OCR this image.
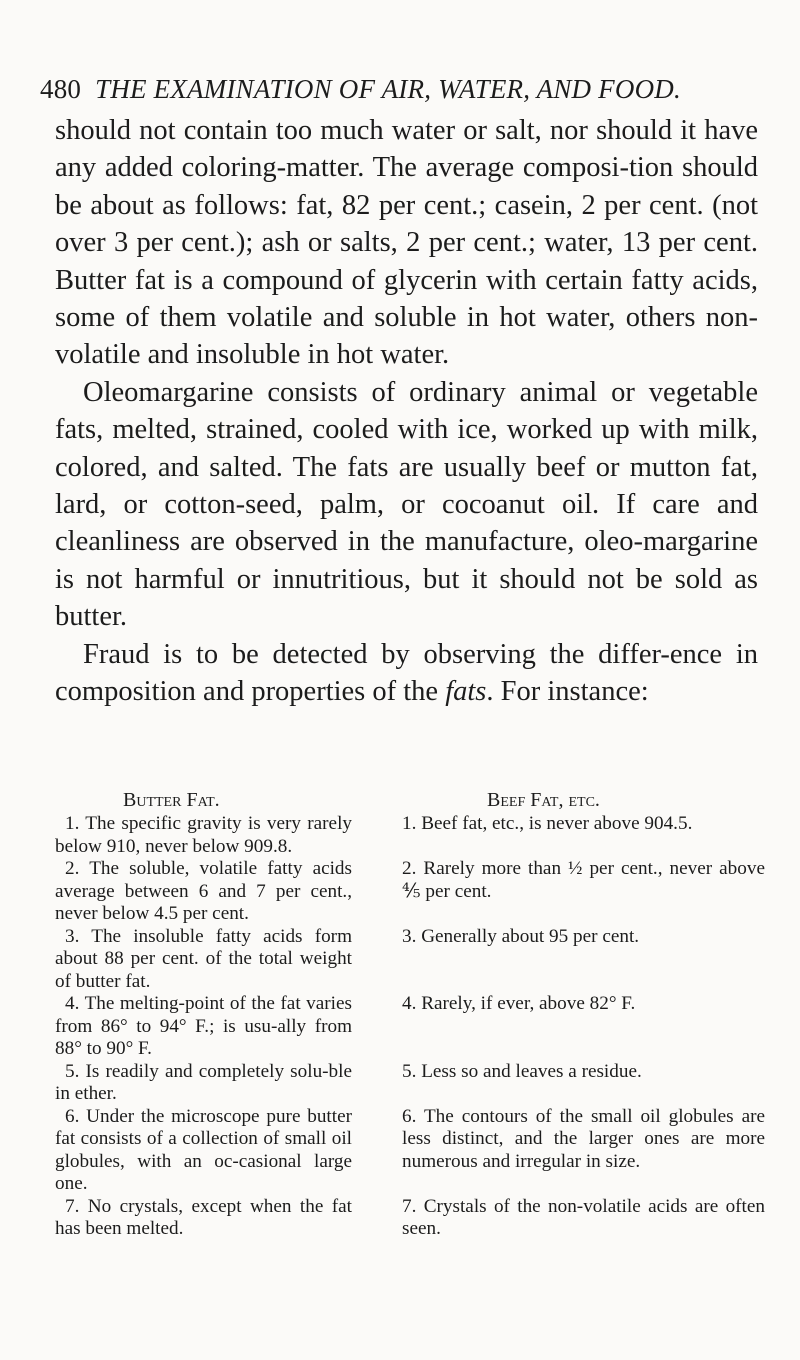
480 THE EXAMINATION OF AIR, WATER, AND FOOD.

should not contain too much water or salt, nor should it have any added coloring-matter. The average composi-tion should be about as follows: fat, 82 per cent.; casein, 2 per cent. (not over 3 per cent.); ash or salts, 2 per cent.; water, 13 per cent. Butter fat is a compound of glycerin with certain fatty acids, some of them volatile and soluble in hot water, others non-volatile and insoluble in hot water.

Oleomargarine consists of ordinary animal or vegetable fats, melted, strained, cooled with ice, worked up with milk, colored, and salted. The fats are usually beef or mutton fat, lard, or cotton-seed, palm, or cocoanut oil. If care and cleanliness are observed in the manufacture, oleo-margarine is not harmful or innutritious, but it should not be sold as butter.

Fraud is to be detected by observing the differ-ence in composition and properties of the fats. For instance:

Butter Fat.	Beef Fat, etc.
1. The specific gravity is very rarely below 910, never below 909.8.
1. Beef fat, etc., is never above 904.5.
2. The soluble, volatile fatty acids average between 6 and 7 per cent., never below 4.5 per cent.
2. Rarely more than ½ per cent., never above ⅘ per cent.
3. The insoluble fatty acids form about 88 per cent. of the total weight of butter fat.
3. Generally about 95 per cent.
4. The melting-point of the fat varies from 86° to 94° F.; is usu-ally from 88° to 90° F.
4. Rarely, if ever, above 82° F.
5. Is readily and completely solu-ble in ether.
5. Less so and leaves a residue.
6. Under the microscope pure butter fat consists of a collection of small oil globules, with an oc-casional large one.
6. The contours of the small oil globules are less distinct, and the larger ones are more numerous and irregular in size.
7. No crystals, except when the fat has been melted.
7. Crystals of the non-volatile acids are often seen.
